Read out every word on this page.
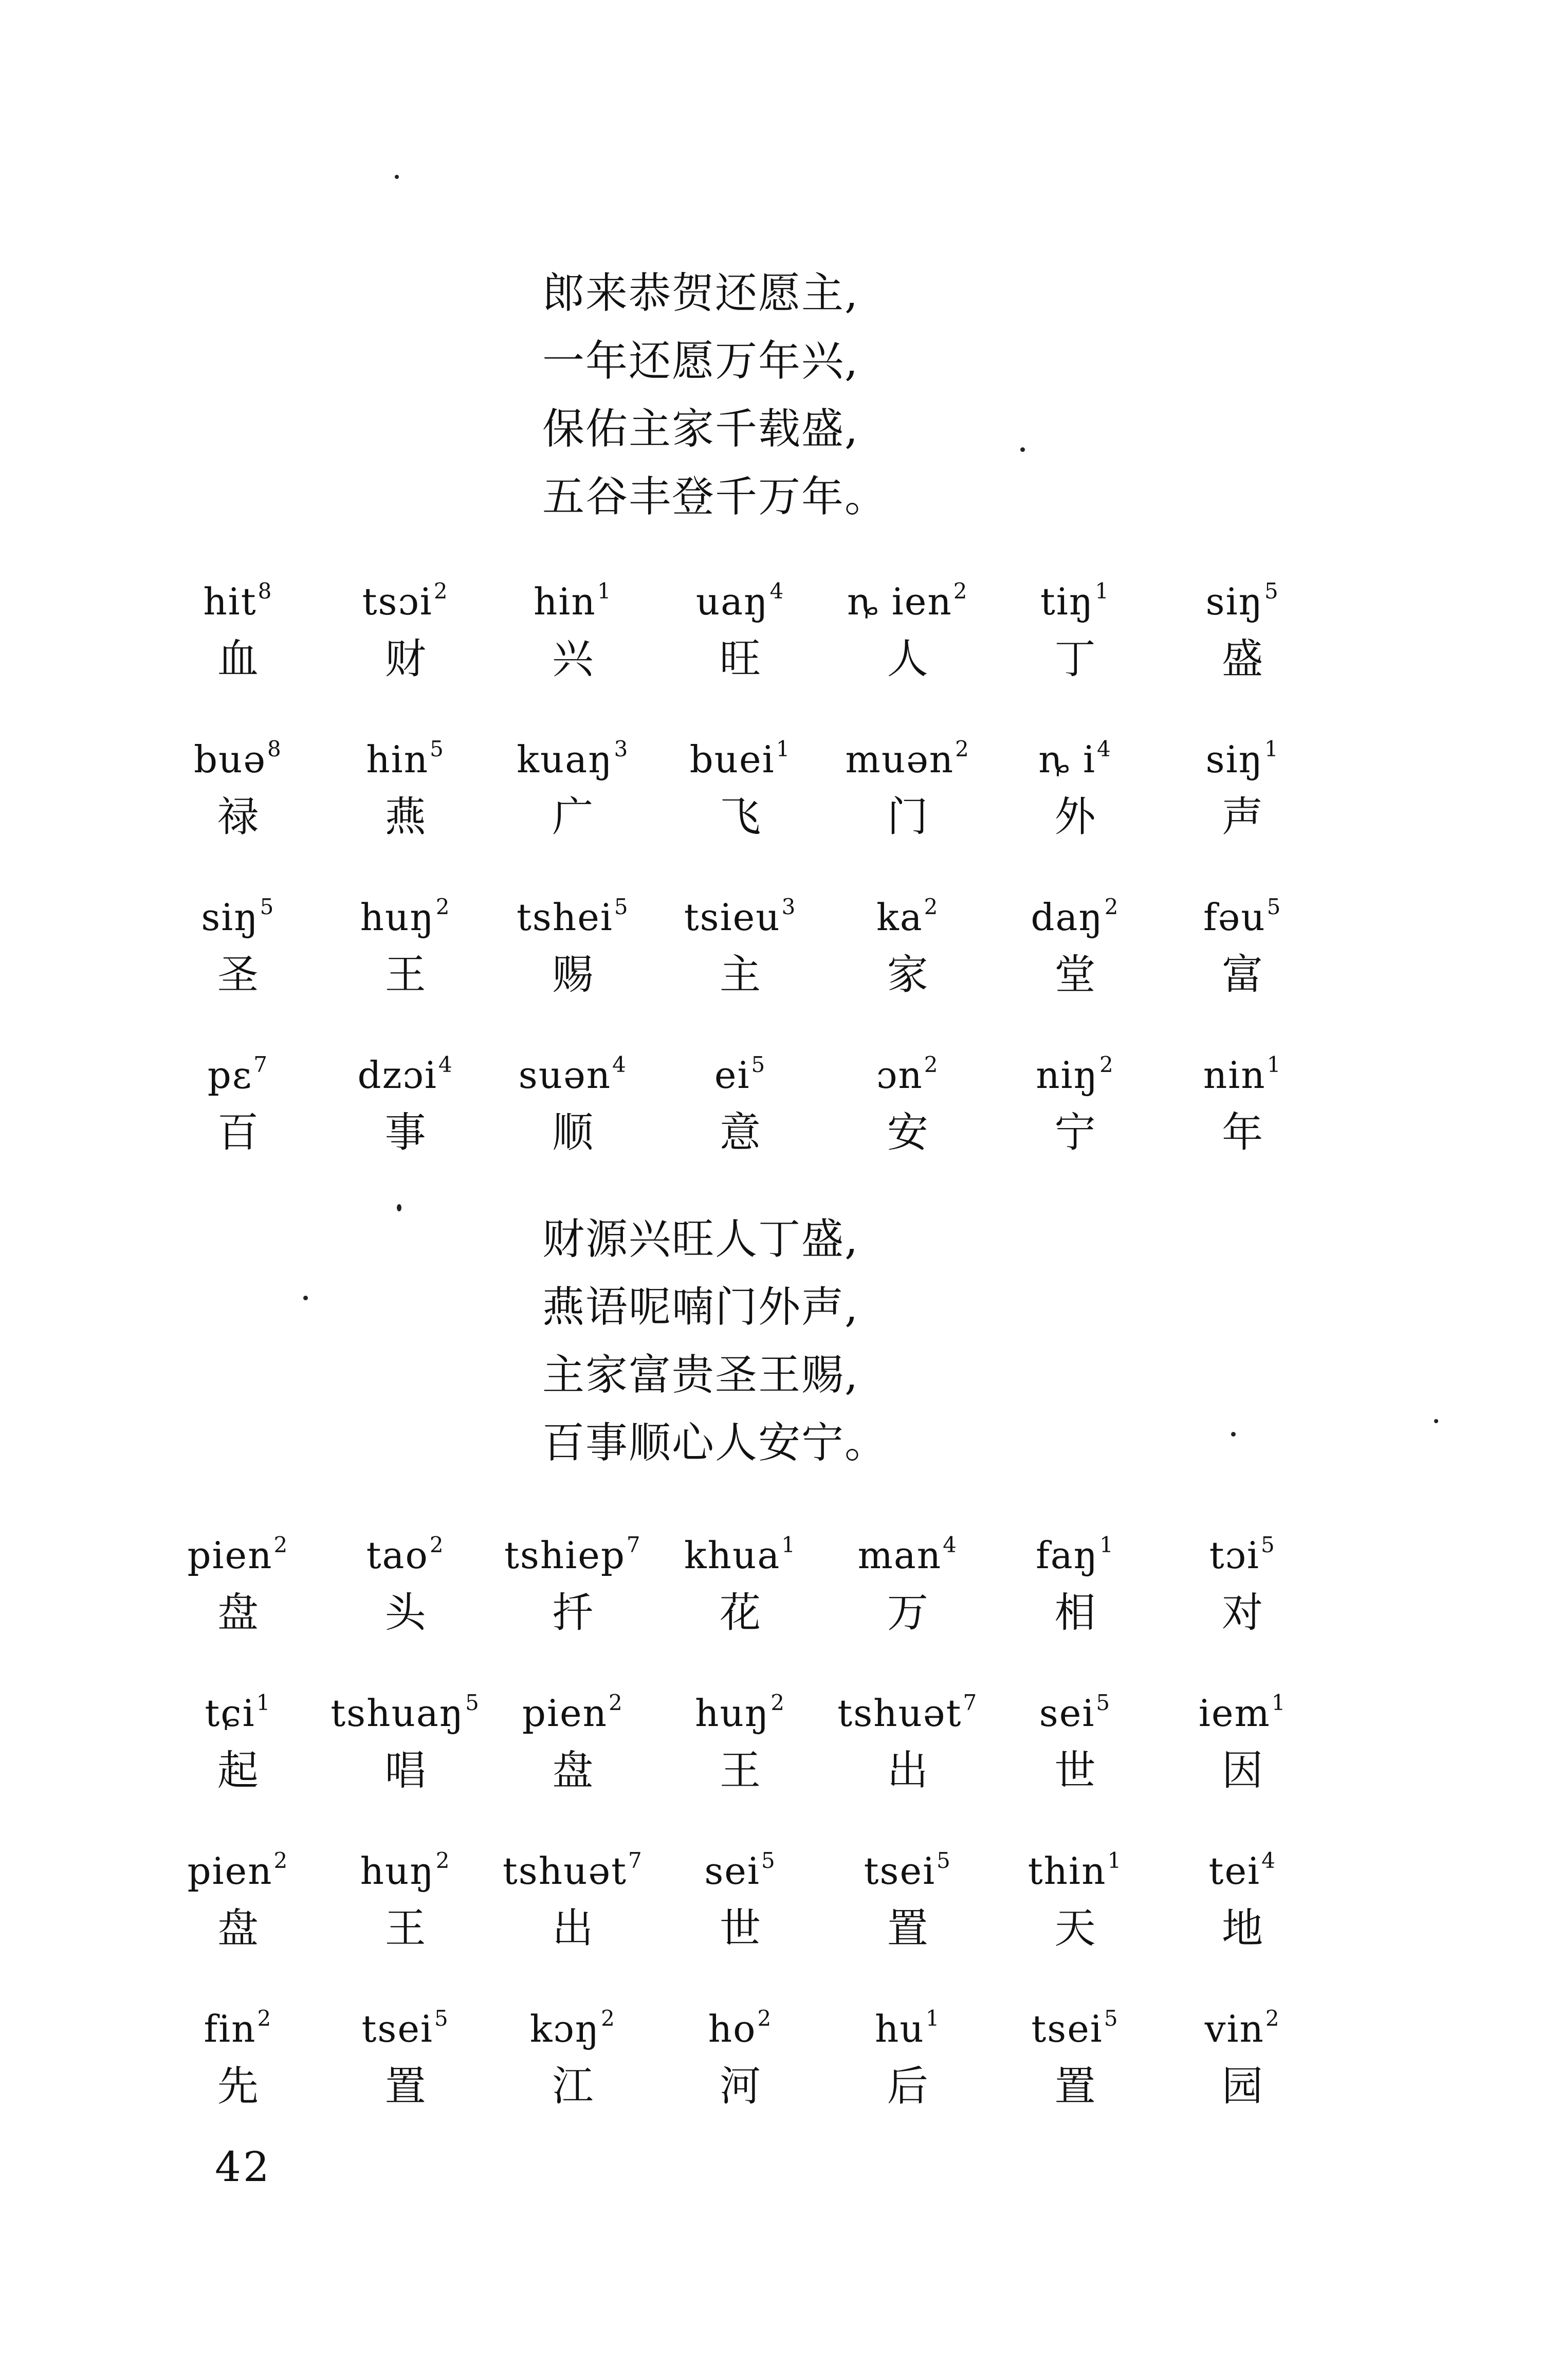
郎来恭贺还愿主,
一年还愿万年兴,
保佑主家千载盛,
五谷丰登千万年。
hit$^8$
血
tsɔi$^2$
财
hin$^1$
兴
uaŋ$^4$
旺
ȵ ien$^2$
人
tiŋ$^1$
丁
siŋ$^5$
盛
buə$^8$
禄
hin$^5$
燕
kuaŋ$^3$
广
buei$^1$
飞
muən$^2$
门
ȵ $i^4$
外
siŋ$^1$
声
siŋ$^5$
圣
huŋ$^2$
王
tshei$^5$
赐
tsieu$^3$
主
$ka^2$
家
daŋ$^2$
堂
fəu$^5$
富
pɛ$^7$
百
dzɔi$^4$
事
suən$^4$
顺
$ei^5$
意
ɔn$^2$
安
niŋ$^2$
宁
nin$^1$
年
财源兴旺人丁盛,
燕语呢喃门外声,
主家富贵圣王赐,
百事顺心人安宁。
pien$^2$
盘
tao$^2$
头
tshiep$^7$
扦
khua$^1$
花
man$^4$
万
faŋ$^1$
相
tɔi$^5$
对
tɕi$^1$
起
tshuaŋ$^5$
唱
pien$^2$
盘
huŋ$^2$
王
tshuət$^7$
出
sei$^5$
世
iem$^1$
因
pien$^2$
盘
huŋ$^2$
王
tshuət$^7$
出
sei$^5$
世
tsei$^5$
置
thin$^1$
天
tei$^4$
地
fin$^2$
先
tsei$^5$
置
kɔŋ$^2$
江
$ho^2$
河
$hu^1$
后
tsei$^5$
置
vin$^2$
园
42
